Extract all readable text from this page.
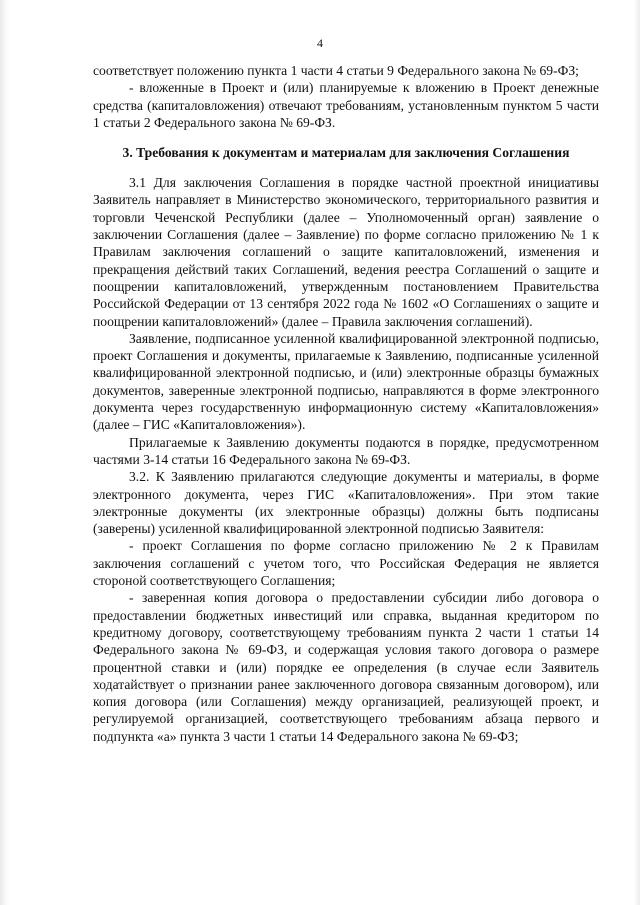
4

соответствует положению пункта 1 части 4 статьи 9 Федерального закона № 69-ФЗ;

- вложенные в Проект и (или) планируемые к вложению в Проект денежные средства (капиталовложения) отвечают требованиям, установленным пунктом 5 части 1 статьи 2 Федерального закона № 69-ФЗ.

3. Требования к документам и материалам для заключения Соглашения

3.1 Для заключения Соглашения в порядке частной проектной инициативы Заявитель направляет в Министерство экономического, территориального развития и торговли Чеченской Республики (далее – Уполномоченный орган) заявление о заключении Соглашения (далее – Заявление) по форме согласно приложению № 1 к Правилам заключения соглашений о защите капиталовложений, изменения и прекращения действий таких Соглашений, ведения реестра Соглашений о защите и поощрении капиталовложений, утвержденным постановлением Правительства Российской Федерации от 13 сентября 2022 года № 1602 «О Соглашениях о защите и поощрении капиталовложений» (далее – Правила заключения соглашений).

Заявление, подписанное усиленной квалифицированной электронной подписью, проект Соглашения и документы, прилагаемые к Заявлению, подписанные усиленной квалифицированной электронной подписью, и (или) электронные образцы бумажных документов, заверенные электронной подписью, направляются в форме электронного документа через государственную информационную систему «Капиталовложения» (далее – ГИС «Капиталовложения»).

Прилагаемые к Заявлению документы подаются в порядке, предусмотренном частями 3-14 статьи 16 Федерального закона № 69-ФЗ.

3.2. К Заявлению прилагаются следующие документы и материалы, в форме электронного документа, через ГИС «Капиталовложения». При этом такие электронные документы (их электронные образцы) должны быть подписаны (заверены) усиленной квалифицированной электронной подписью Заявителя:

- проект Соглашения по форме согласно приложению № 2 к Правилам заключения соглашений с учетом того, что Российская Федерация не является стороной соответствующего Соглашения;

- заверенная копия договора о предоставлении субсидии либо договора о предоставлении бюджетных инвестиций или справка, выданная кредитором по кредитному договору, соответствующему требованиям пункта 2 части 1 статьи 14 Федерального закона № 69-ФЗ, и содержащая условия такого договора о размере процентной ставки и (или) порядке ее определения (в случае если Заявитель ходатайствует о признании ранее заключенного договора связанным договором), или копия договора (или Соглашения) между организацией, реализующей проект, и регулируемой организацией, соответствующего требованиям абзаца первого и подпункта «а» пункта 3 части 1 статьи 14 Федерального закона № 69-ФЗ;
